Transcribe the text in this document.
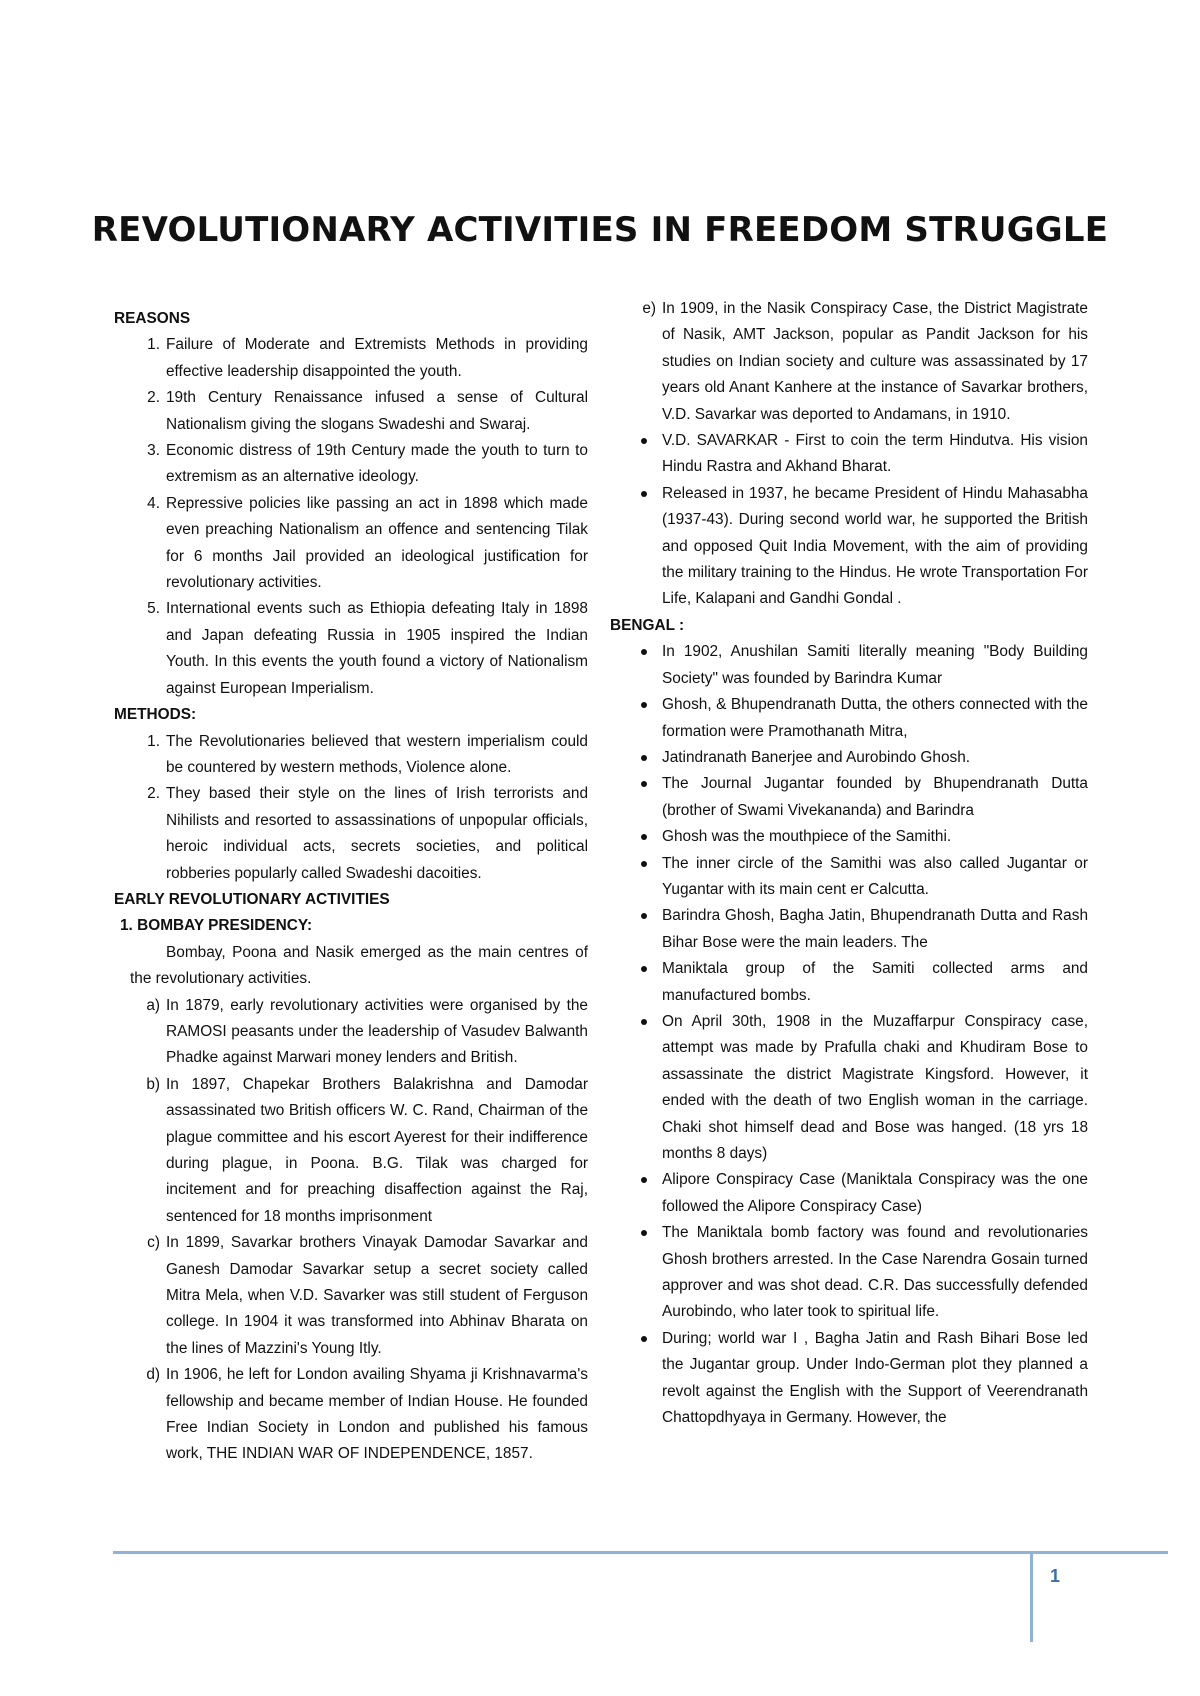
REVOLUTIONARY ACTIVITIES IN FREEDOM STRUGGLE

REASONS

1. Failure of Moderate and Extremists Methods in providing effective leadership disappointed the youth.

2. 19th Century Renaissance infused a sense of Cultural Nationalism giving the slogans Swadeshi and Swaraj.

3. Economic distress of 19th Century made the youth to turn to extremism as an alternative ideology.

4. Repressive policies like passing an act in 1898 which made even preaching Nationalism an offence and sentencing Tilak for 6 months Jail provided an ideological justification for revolutionary activities.

5. International events such as Ethiopia defeating Italy in 1898 and Japan defeating Russia in 1905 inspired the Indian Youth. In this events the youth found a victory of Nationalism against European Imperialism.

METHODS:

1. The Revolutionaries believed that western imperialism could be countered by western methods, Violence alone.

2. They based their style on the lines of Irish terrorists and Nihilists and resorted to assassinations of unpopular officials, heroic individual acts, secrets societies, and political robberies popularly called Swadeshi dacoities.

EARLY REVOLUTIONARY ACTIVITIES

1. BOMBAY PRESIDENCY:

Bombay, Poona and Nasik emerged as the main centres of the revolutionary activities.

a) In 1879, early revolutionary activities were organised by the RAMOSI peasants under the leadership of Vasudev Balwanth Phadke against Marwari money lenders and British.

b) In 1897, Chapekar Brothers Balakrishna and Damodar assassinated two British officers W. C. Rand, Chairman of the plague committee and his escort Ayerest for their indifference during plague, in Poona. B.G. Tilak was charged for incitement and for preaching disaffection against the Raj, sentenced for 18 months imprisonment

c) In 1899, Savarkar brothers Vinayak Damodar Savarkar and Ganesh Damodar Savarkar setup a secret society called Mitra Mela, when V.D. Savarker was still student of Ferguson college. In 1904 it was transformed into Abhinav Bharata on the lines of Mazzini's Young Itly.

d) In 1906, he left for London availing Shyama ji Krishnavarma's fellowship and became member of Indian House. He founded Free Indian Society in London and published his famous work, THE INDIAN WAR OF INDEPENDENCE, 1857.

e) In 1909, in the Nasik Conspiracy Case, the District Magistrate of Nasik, AMT Jackson, popular as Pandit Jackson for his studies on Indian society and culture was assassinated by 17 years old Anant Kanhere at the instance of Savarkar brothers, V.D. Savarkar was deported to Andamans, in 1910.

V.D. SAVARKAR - First to coin the term Hindutva. His vision Hindu Rastra and Akhand Bharat.

Released in 1937, he became President of Hindu Mahasabha (1937-43). During second world war, he supported the British and opposed Quit India Movement, with the aim of providing the military training to the Hindus. He wrote Transportation For Life, Kalapani and Gandhi Gondal .

BENGAL :

In 1902, Anushilan Samiti literally meaning "Body Building Society" was founded by Barindra Kumar

Ghosh, & Bhupendranath Dutta, the others connected with the formation were Pramothanath Mitra,

Jatindranath Banerjee and Aurobindo Ghosh.

The Journal Jugantar founded by Bhupendranath Dutta (brother of Swami Vivekananda) and Barindra

Ghosh was the mouthpiece of the Samithi.

The inner circle of the Samithi was also called Jugantar or Yugantar with its main cent er Calcutta.

Barindra Ghosh, Bagha Jatin, Bhupendranath Dutta and Rash Bihar Bose were the main leaders. The

Maniktala group of the Samiti collected arms and manufactured bombs.

On April 30th, 1908 in the Muzaffarpur Conspiracy case, attempt was made by Prafulla chaki and Khudiram Bose to assassinate the district Magistrate Kingsford. However, it ended with the death of two English woman in the carriage. Chaki shot himself dead and Bose was hanged. (18 yrs 18 months 8 days)

Alipore Conspiracy Case (Maniktala Conspiracy was the one followed the Alipore Conspiracy Case)

The Maniktala bomb factory was found and revolutionaries Ghosh brothers arrested. In the Case Narendra Gosain turned approver and was shot dead. C.R. Das successfully defended Aurobindo, who later took to spiritual life.

During; world war I , Bagha Jatin and Rash Bihari Bose led the Jugantar group. Under Indo-German plot they planned a revolt against the English with the Support of Veerendranath Chattopdhyaya in Germany. However, the

1
